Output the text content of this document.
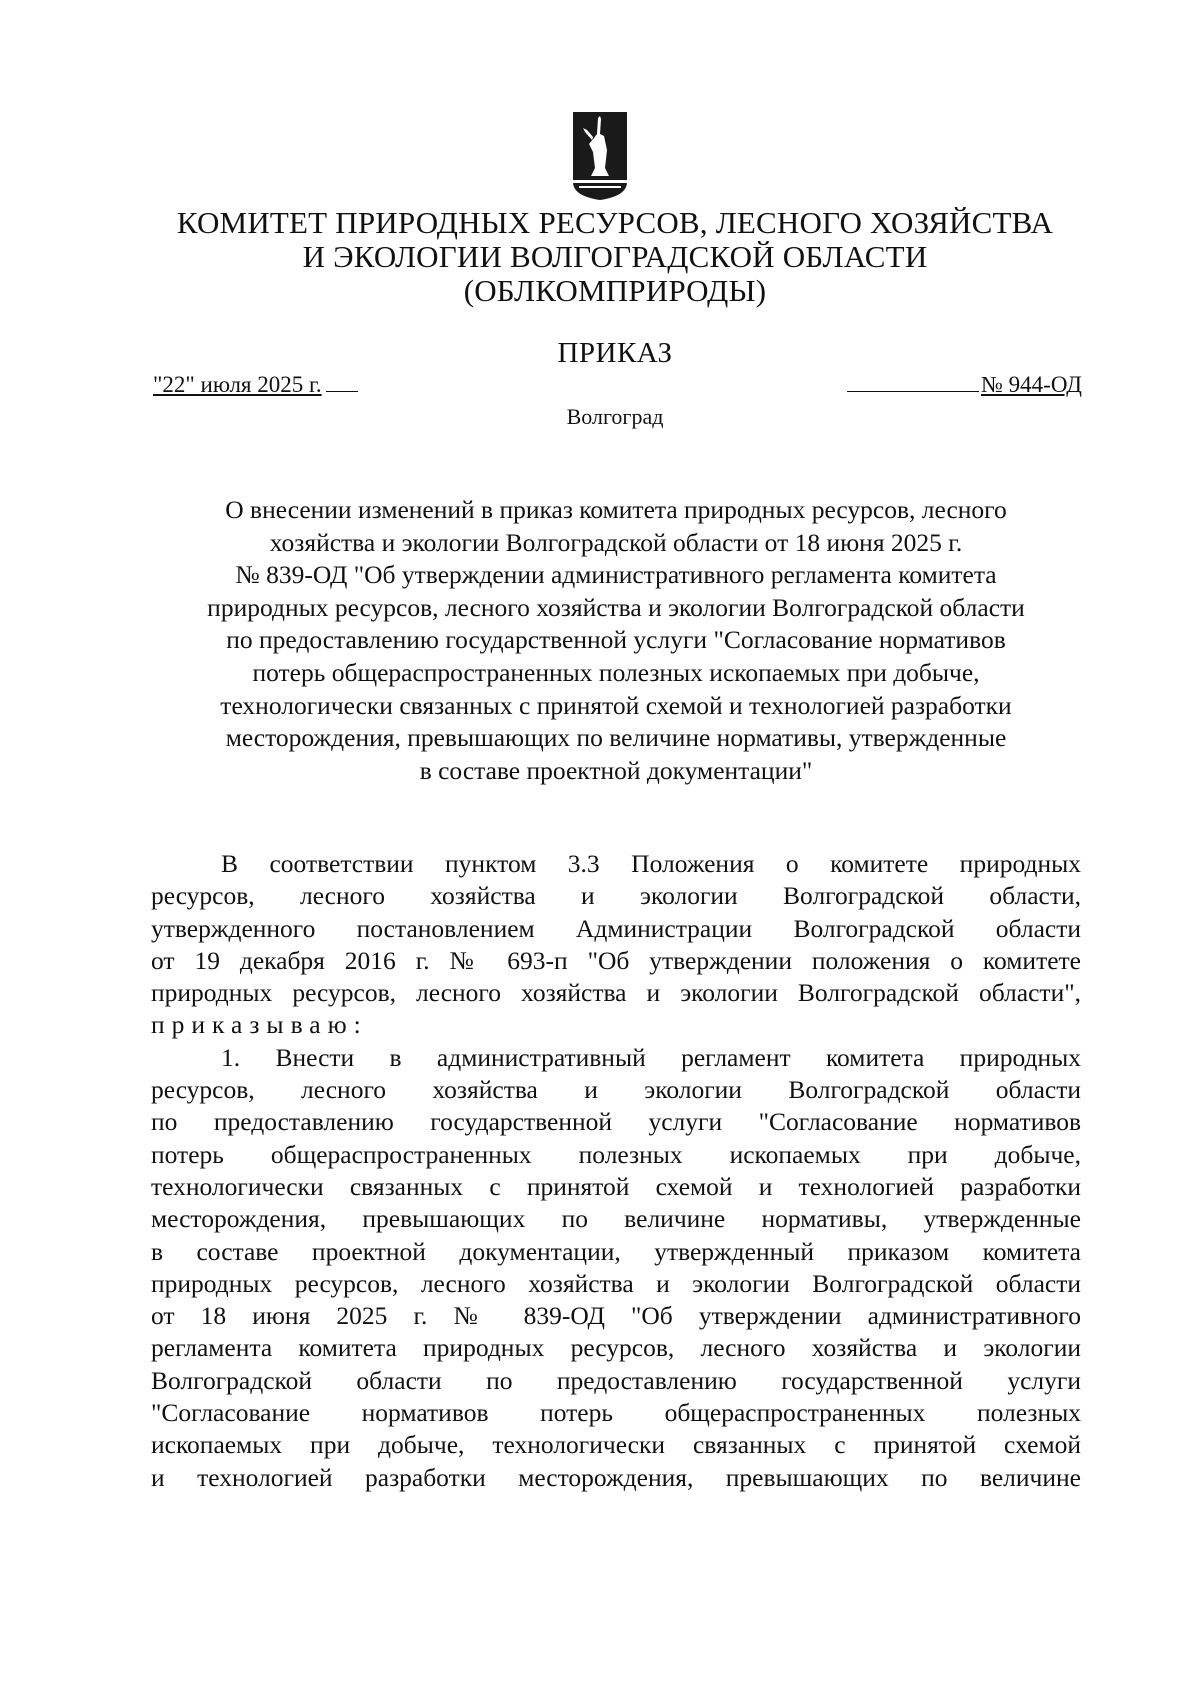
КОМИТЕТ ПРИРОДНЫХ РЕСУРСОВ, ЛЕСНОГО ХОЗЯЙСТВА
И ЭКОЛОГИИ ВОЛГОГРАДСКОЙ ОБЛАСТИ
(ОБЛКОМПРИРОДЫ)
ПРИКАЗ
"22" июля 2025 г.	№ 944-ОД
Волгоград
О внесении изменений в приказ комитета природных ресурсов, лесного
хозяйства и экологии Волгоградской области от 18 июня 2025 г.
№ 839-ОД "Об утверждении административного регламента комитета
природных ресурсов, лесного хозяйства и экологии Волгоградской области
по предоставлению государственной услуги "Согласование нормативов
потерь общераспространенных полезных ископаемых при добыче,
технологически связанных с принятой схемой и технологией разработки
месторождения, превышающих по величине нормативы, утвержденные
в составе проектной документации"
В соответствии пунктом 3.3 Положения о комитете природных
ресурсов, лесного хозяйства и экологии Волгоградской области,
утвержденного постановлением Администрации Волгоградской области
от 19 декабря 2016 г. № 693-п "Об утверждении положения о комитете
природных ресурсов, лесного хозяйства и экологии Волгоградской области",
приказываю:
1. Внести в административный регламент комитета природных
ресурсов, лесного хозяйства и экологии Волгоградской области
по предоставлению государственной услуги "Согласование нормативов
потерь общераспространенных полезных ископаемых при добыче,
технологически связанных с принятой схемой и технологией разработки
месторождения, превышающих по величине нормативы, утвержденные
в составе проектной документации, утвержденный приказом комитета
природных ресурсов, лесного хозяйства и экологии Волгоградской области
от 18 июня 2025 г. № 839-ОД "Об утверждении административного
регламента комитета природных ресурсов, лесного хозяйства и экологии
Волгоградской области по предоставлению государственной услуги
"Согласование нормативов потерь общераспространенных полезных
ископаемых при добыче, технологически связанных с принятой схемой
и технологией разработки месторождения, превышающих по величине
